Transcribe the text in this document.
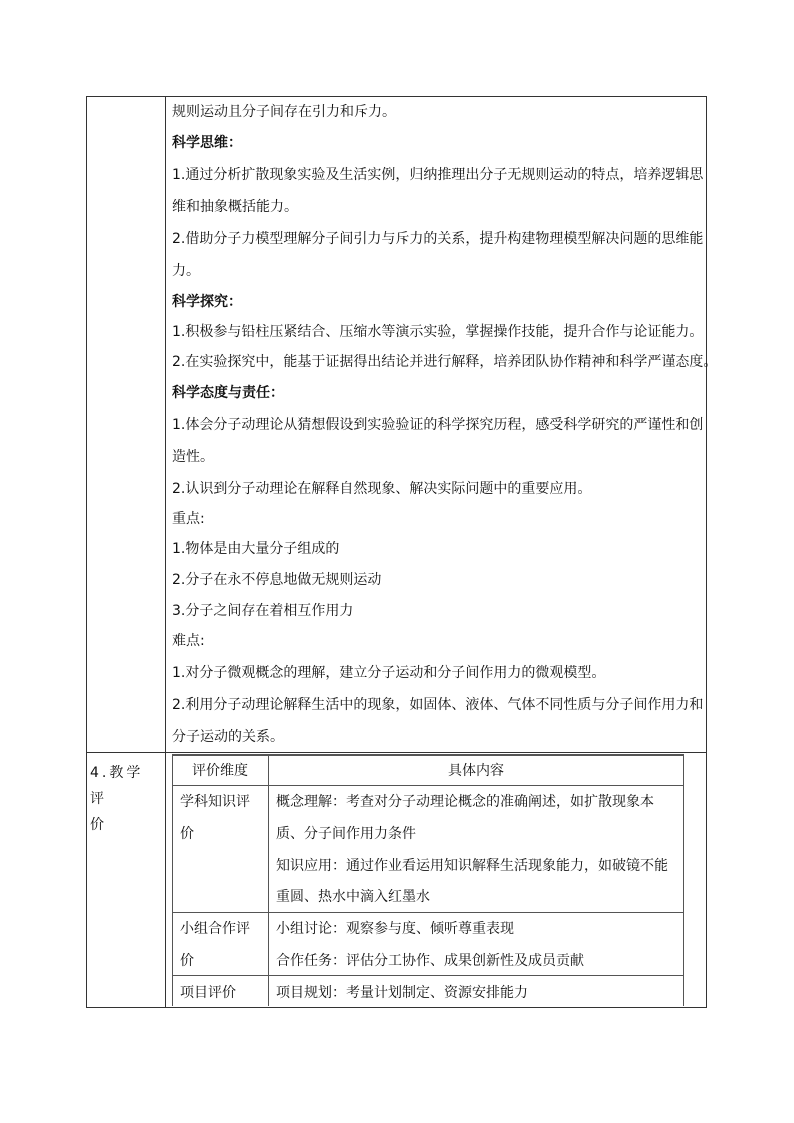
规则运动且分子间存在引力和斥力。
科学思维：
1.通过分析扩散现象实验及生活实例，归纳推理出分子无规则运动的特点，培养逻辑思
维和抽象概括能力。
2.借助分子力模型理解分子间引力与斥力的关系，提升构建物理模型解决问题的思维能
力。
科学探究：
1.积极参与铅柱压紧结合、压缩水等演示实验，掌握操作技能，提升合作与论证能力。
2.在实验探究中，能基于证据得出结论并进行解释，培养团队协作精神和科学严谨态度。
科学态度与责任：
1.体会分子动理论从猜想假设到实验验证的科学探究历程，感受科学研究的严谨性和创
造性。
2.认识到分子动理论在解释自然现象、解决实际问题中的重要应用。
重点:
1.物体是由大量分子组成的
2.分子在永不停息地做无规则运动
3.分子之间存在着相互作用力
难点:
1.对分子微观概念的理解，建立分子运动和分子间作用力的微观模型。
2.利用分子动理论解释生活中的现象，如固体、液体、气体不同性质与分子间作用力和
分子运动的关系。
4.教学评
价
评价维度	具体内容
学科知识评
价
概念理解：考查对分子动理论概念的准确阐述，如扩散现象本
质、分子间作用力条件
知识应用：通过作业看运用知识解释生活现象能力，如破镜不能
重圆、热水中滴入红墨水
小组合作评
价
小组讨论：观察参与度、倾听尊重表现
合作任务：评估分工协作、成果创新性及成员贡献
项目评价	项目规划：考量计划制定、资源安排能力
